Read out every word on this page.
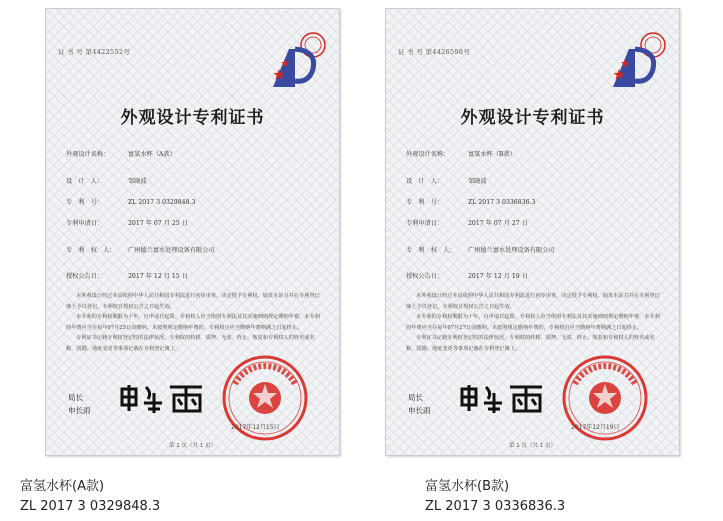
证 书 号 第4422552号
外观设计专利证书
外观设计名称：	富氢水杯（A款）
设　计　人：	邹晓波
专　利　号：	ZL 2017 3 0329848.3
专利申请日：	2017 年 07 月 25 日
专　利　权　人： 广州德兰富水处理设备有限公司
授权公告日：	2017 年 12 月 15 日

本外观设计经过本局依照中华人民共和国专利法进行初步审查，决定授予专利权，颁发本证书并在专利登记簿上予以登记。专利权自授权公告之日起生效。

本专利的专利权期限为十年，自申请日起算。专利权人应当依照专利法及其实施细则规定缴纳年费。本专利的年费应当在每年07月25日前缴纳。未按照规定缴纳年费的，专利权自应当缴纳年费期满之日起终止。

专利证书记载专利权登记时的法律状况。专利权的转移、质押、无效、终止、恢复和专利权人的姓名或名称、国籍、地址变更等事项记载在专利登记簿上。

局长
申长雨
2017年12月15日
第 1 页（共 1 页）
证 书 号 第4426598号
外观设计专利证书
外观设计名称：	富氢水杯（B款）
设　计　人：	邹晓波
专　利　号：	ZL 2017 3 0336836.3
专利申请日：	2017 年 07 月 27 日
专　利　权　人： 广州德兰富水处理设备有限公司
授权公告日：	2017 年 12 月 19 日

本外观设计经过本局依照中华人民共和国专利法进行初步审查，决定授予专利权，颁发本证书并在专利登记簿上予以登记。专利权自授权公告之日起生效。

本专利的专利权期限为十年，自申请日起算。专利权人应当依照专利法及其实施细则规定缴纳年费。本专利的年费应当在每年07月27日前缴纳。未按照规定缴纳年费的，专利权自应当缴纳年费期满之日起终止。

专利证书记载专利权登记时的法律状况。专利权的转移、质押、无效、终止、恢复和专利权人的姓名或名称、国籍、地址变更等事项记载在专利登记簿上。

局长
申长雨
2017年12月19日
第 1 页（共 1 页）
富氢水杯(A款)
ZL 2017 3 0329848.3
富氢水杯(B款)
ZL 2017 3 0336836.3
